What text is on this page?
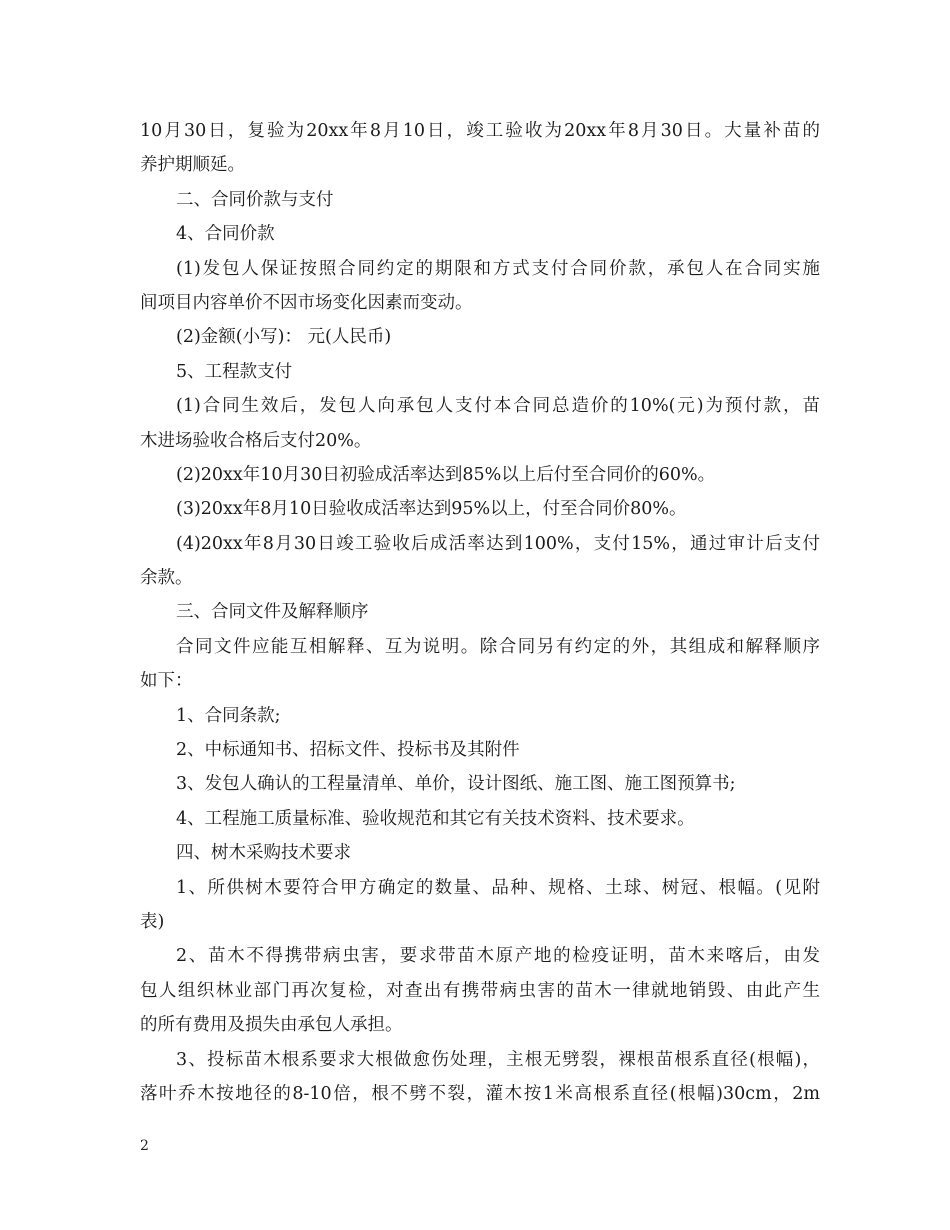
10月30日，复验为20xx年8月10日，竣工验收为20xx年8月30日。大量补苗的
养护期顺延。
二、合同价款与支付
4、合同价款
(1)发包人保证按照合同约定的期限和方式支付合同价款，承包人在合同实施
间项目内容单价不因市场变化因素而变动。
(2)金额(小写)： 元(人民币)
5、工程款支付
(1)合同生效后，发包人向承包人支付本合同总造价的10%(元)为预付款，苗
木进场验收合格后支付20%。
(2)20xx年10月30日初验成活率达到85%以上后付至合同价的60%。
(3)20xx年8月10日验收成活率达到95%以上，付至合同价80%。
(4)20xx年8月30日竣工验收后成活率达到100%，支付15%，通过审计后支付
余款。
三、合同文件及解释顺序
合同文件应能互相解释、互为说明。除合同另有约定的外，其组成和解释顺序
如下：
1、合同条款;
2、中标通知书、招标文件、投标书及其附件
3、发包人确认的工程量清单、单价，设计图纸、施工图、施工图预算书;
4、工程施工质量标准、验收规范和其它有关技术资料、技术要求。
四、树木采购技术要求
1、所供树木要符合甲方确定的数量、品种、规格、土球、树冠、根幅。(见附
表)
2、苗木不得携带病虫害，要求带苗木原产地的检疫证明，苗木来喀后，由发
包人组织林业部门再次复检，对查出有携带病虫害的苗木一律就地销毁、由此产生
的所有费用及损失由承包人承担。
3、投标苗木根系要求大根做愈伤处理，主根无劈裂，裸根苗根系直径(根幅)，
落叶乔木按地径的8-10倍，根不劈不裂，灌木按1米高根系直径(根幅)30cm，2m
2
